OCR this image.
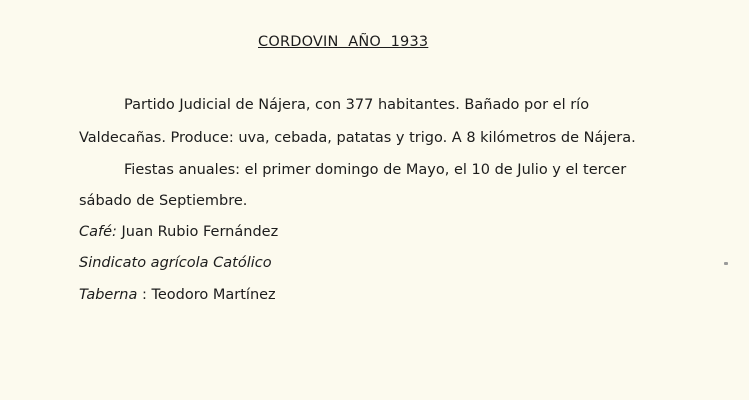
CORDOVIN  AÑO  1933
Partido Judicial de Nájera, con 377 habitantes. Bañado por el río
Valdecañas. Produce: uva, cebada, patatas y trigo. A 8 kilómetros de Nájera.
Fiestas anuales: el primer domingo de Mayo, el 10 de Julio y el tercer
sábado de Septiembre.
Café: Juan Rubio Fernández
Sindicato agrícola Católico
Taberna : Teodoro Martínez
